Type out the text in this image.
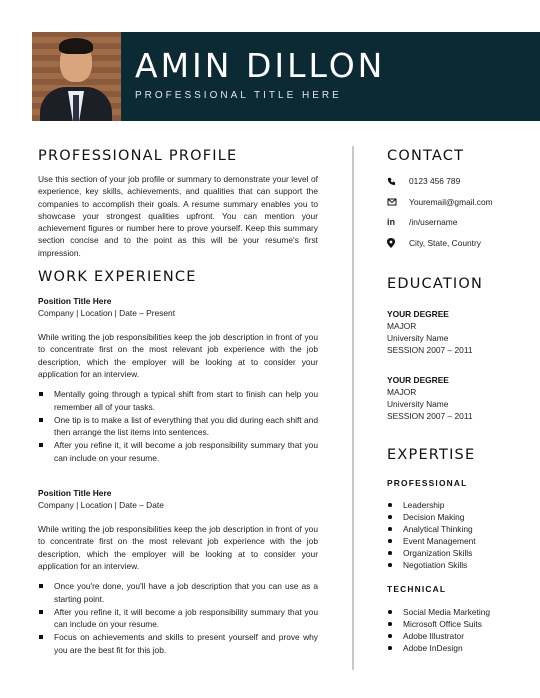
AMIN DILLON
PROFESSIONAL TITLE HERE
PROFESSIONAL PROFILE

Use this section of your job profile or summary to demonstrate your level of experience, key skills, achievements, and qualities that can support the companies to accomplish their goals. A resume summary enables you to showcase your strongest qualities upfront. You can mention your achievement figures or number here to prove yourself. Keep this summary section concise and to the point as this will be your resume's first impression.

WORK EXPERIENCE
Position Title Here
Company | Location | Date – Present

While writing the job responsibilities keep the job description in front of you to concentrate first on the most relevant job experience with the job description, which the employer will be looking at to consider your application for an interview.

Mentally going through a typical shift from start to finish can help you remember all of your tasks.
One tip is to make a list of everything that you did during each shift and then arrange the list items into sentences.
After you refine it, it will become a job responsibility summary that you can include on your resume.
Position Title Here
Company | Location | Date – Date

While writing the job responsibilities keep the job description in front of you to concentrate first on the most relevant job experience with the job description, which the employer will be looking at to consider your application for an interview.

Once you're done, you'll have a job description that you can use as a starting point.
After you refine it, it will become a job responsibility summary that you can include on your resume.
Focus on achievements and skills to present yourself and prove why you are the best fit for this job.
CONTACT
0123 456 789
Youremail@gmail.com
in	/in/username
City, State, Country
EDUCATION
YOUR DEGREE
MAJOR
University Name
SESSION 2007 – 2011
YOUR DEGREE
MAJOR
University Name
SESSION 2007 – 2011
EXPERTISE
PROFESSIONAL
Leadership
Decision Making
Analytical Thinking
Event Management
Organization Skills
Negotiation Skills
TECHNICAL
Social Media Marketing
Microsoft Office Suits
Adobe Illustrator
Adobe InDesign
